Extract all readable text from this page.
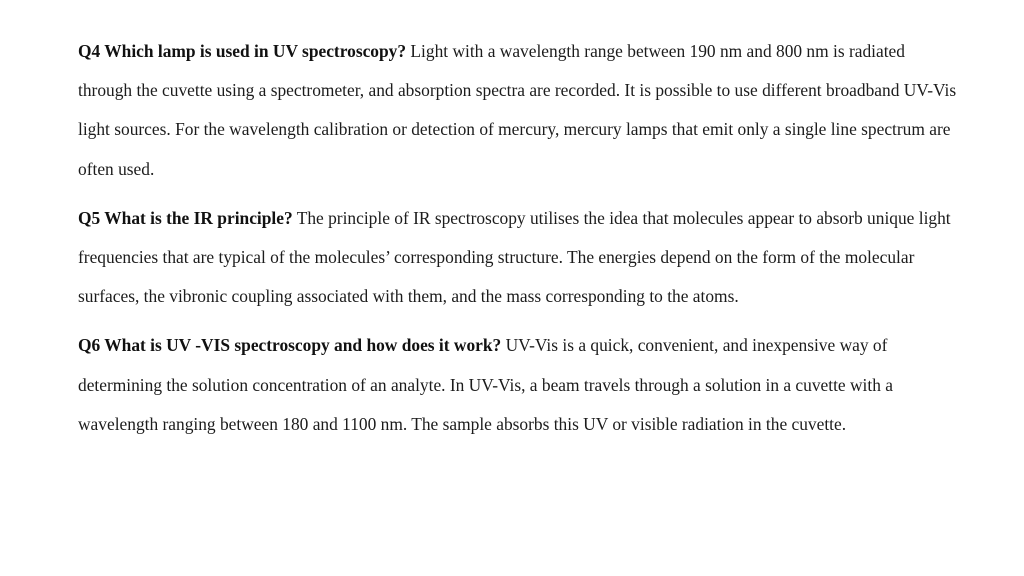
Q4 Which lamp is used in UV spectroscopy? Light with a wavelength range between 190 nm and 800 nm is radiated through the cuvette using a spectrometer, and absorption spectra are recorded. It is possible to use different broadband UV-Vis light sources. For the wavelength calibration or detection of mercury, mercury lamps that emit only a single line spectrum are often used.

Q5 What is the IR principle? The principle of IR spectroscopy utilises the idea that molecules appear to absorb unique light frequencies that are typical of the molecules’ corresponding structure. The energies depend on the form of the molecular surfaces, the vibronic coupling associated with them, and the mass corresponding to the atoms.

Q6 What is UV -VIS spectroscopy and how does it work? UV-Vis is a quick, convenient, and inexpensive way of determining the solution concentration of an analyte. In UV-Vis, a beam travels through a solution in a cuvette with a wavelength ranging between 180 and 1100 nm. The sample absorbs this UV or visible radiation in the cuvette.
